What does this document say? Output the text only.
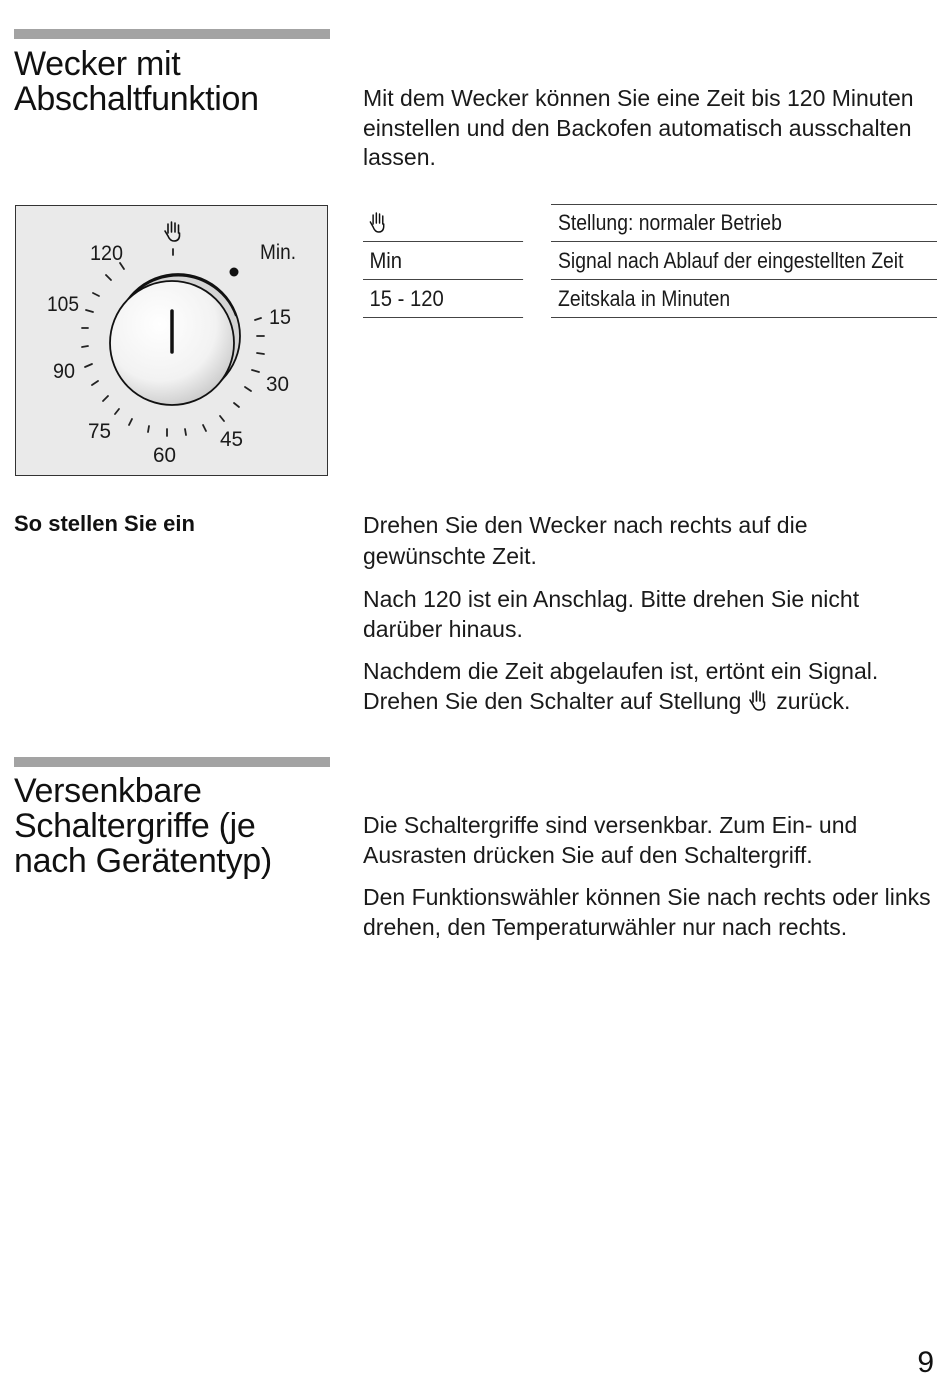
Wecker mit
Abschaltfunktion	Mit dem Wecker können Sie eine Zeit bis 120 Minuten einstellen und den Backofen automatisch ausschalten lassen.

120	Min.
105
15
90
30
75	45
60
Stellung: normaler Betrieb
Min	Signal nach Ablauf der eingestellten Zeit
15 - 120	Zeitskala in Minuten

So stellen Sie ein	Drehen Sie den Wecker nach rechts auf die gewünschte Zeit.

Nach 120 ist ein Anschlag. Bitte drehen Sie nicht darüber hinaus.

Nachdem die Zeit abgelaufen ist, ertönt ein Signal.
Drehen Sie den Schalter auf Stellung zurück.

Versenkbare
Schaltergriffe (je
nach Gerätentyp)

Die Schaltergriffe sind versenkbar. Zum Ein- und Ausrasten drücken Sie auf den Schaltergriff.

Den Funktionswähler können Sie nach rechts oder links drehen, den Temperaturwähler nur nach rechts.

9
